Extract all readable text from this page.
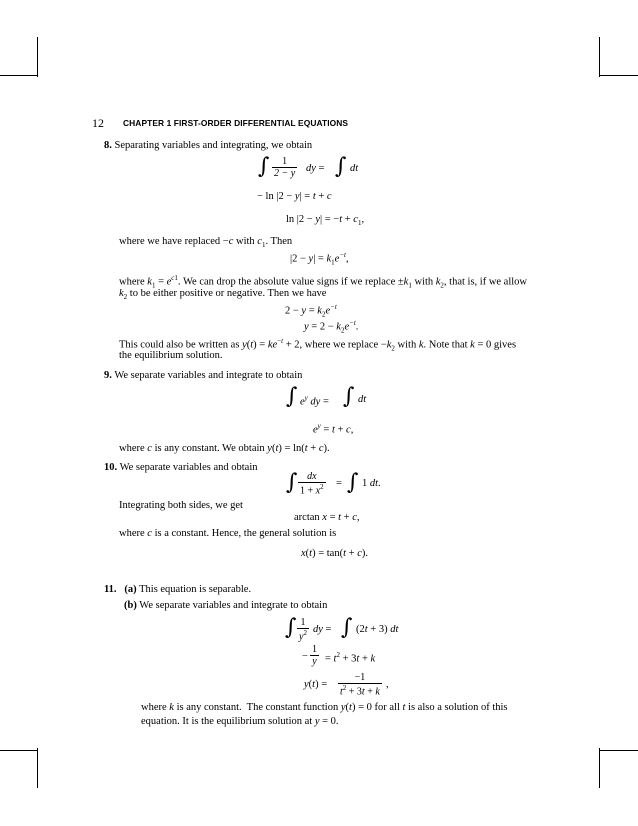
12 CHAPTER 1 FIRST-ORDER DIFFERENTIAL EQUATIONS
8. Separating variables and integrating, we obtain
∫ $\frac{1}{2 - y}$ dy = ∫ dt
− ln |2 − y| = t + c
$\ln |2 - y| = -t + c_1$,
where we have replaced −c with $c_1$. Then
$|2 - y| = k_1e^{-t}$,
where $k_1 = e^{c1}$. We can drop the absolute value signs if we replace $\pm k_1$ with $k_2$, that is, if we allow
$k_2$ to be either positive or negative. Then we have
$2 - y = k_2e^{-t}$
$y = 2 - k_2e^{-t}$.
This could also be written as $y(t) = ke^{-t} + 2$, where we replace $-k_2$ with k. Note that k = 0 gives
the equilibrium solution.
9. We separate variables and integrate to obtain
∫ $e^y$ dy = ∫ dt
$e^y = t + c$,
where c is any constant. We obtain y(t) = ln(t + c).
10. We separate variables and obtain
∫ $\frac{dx}{1 + x^2}$ = ∫ 1 dt.
Integrating both sides, we get
arctan x = t + c,
where c is a constant. Hence, the general solution is
x(t) = tan(t + c).
11. (a) This equation is separable.
(b) We separate variables and integrate to obtain
∫ $\frac{1}{y^2}$ dy = ∫ (2t + 3) dt
− $\frac{1}{y} = t^2 + 3t + k$
$y(t) = \frac{-1}{t^2 + 3t + k}$ ,
where k is any constant.  The constant function y(t) = 0 for all t is also a solution of this
equation. It is the equilibrium solution at y = 0.
